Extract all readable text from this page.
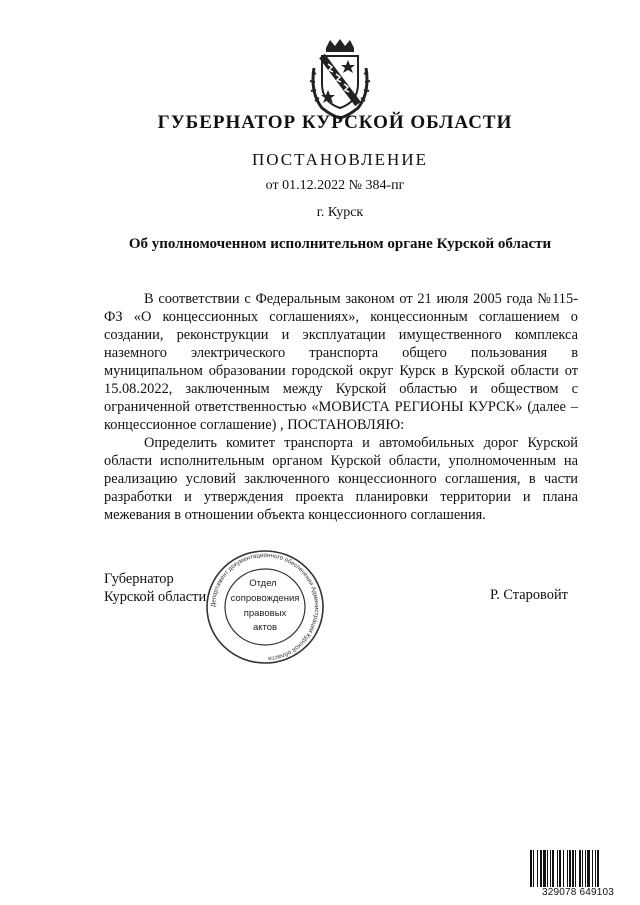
ГУБЕРНАТОР КУРСКОЙ ОБЛАСТИ
ПОСТАНОВЛЕНИЕ
от 01.12.2022 № 384-пг
г. Курск
Об уполномоченном исполнительном органе Курской области

В соответствии с Федеральным законом от 21 июля 2005 года №115-ФЗ «О концессионных соглашениях», концессионным соглашением о создании, реконструкции и эксплуатации имущественного комплекса наземного электрического транспорта общего пользования в муниципальном образовании городской округ Курск в Курской области от 15.08.2022, заключенным между Курской областью и обществом с ограниченной ответственностью «МОВИСТА РЕГИОНЫ КУРСК» (далее – концессионное соглашение) , ПОСТАНОВЛЯЮ:

Определить комитет транспорта и автомобильных дорог Курской области исполнительным органом Курской области, уполномоченным на реализацию условий заключенного концессионного соглашения, в части разработки и утверждения проекта планировки территории и плана межевания в отношении объекта концессионного соглашения.

Губернатор
Курской области	Р. Старовойт
Департамент документационного обеспечения Администрации Курской области
Отдел
сопровождения
правовых
актов
329078 649103
